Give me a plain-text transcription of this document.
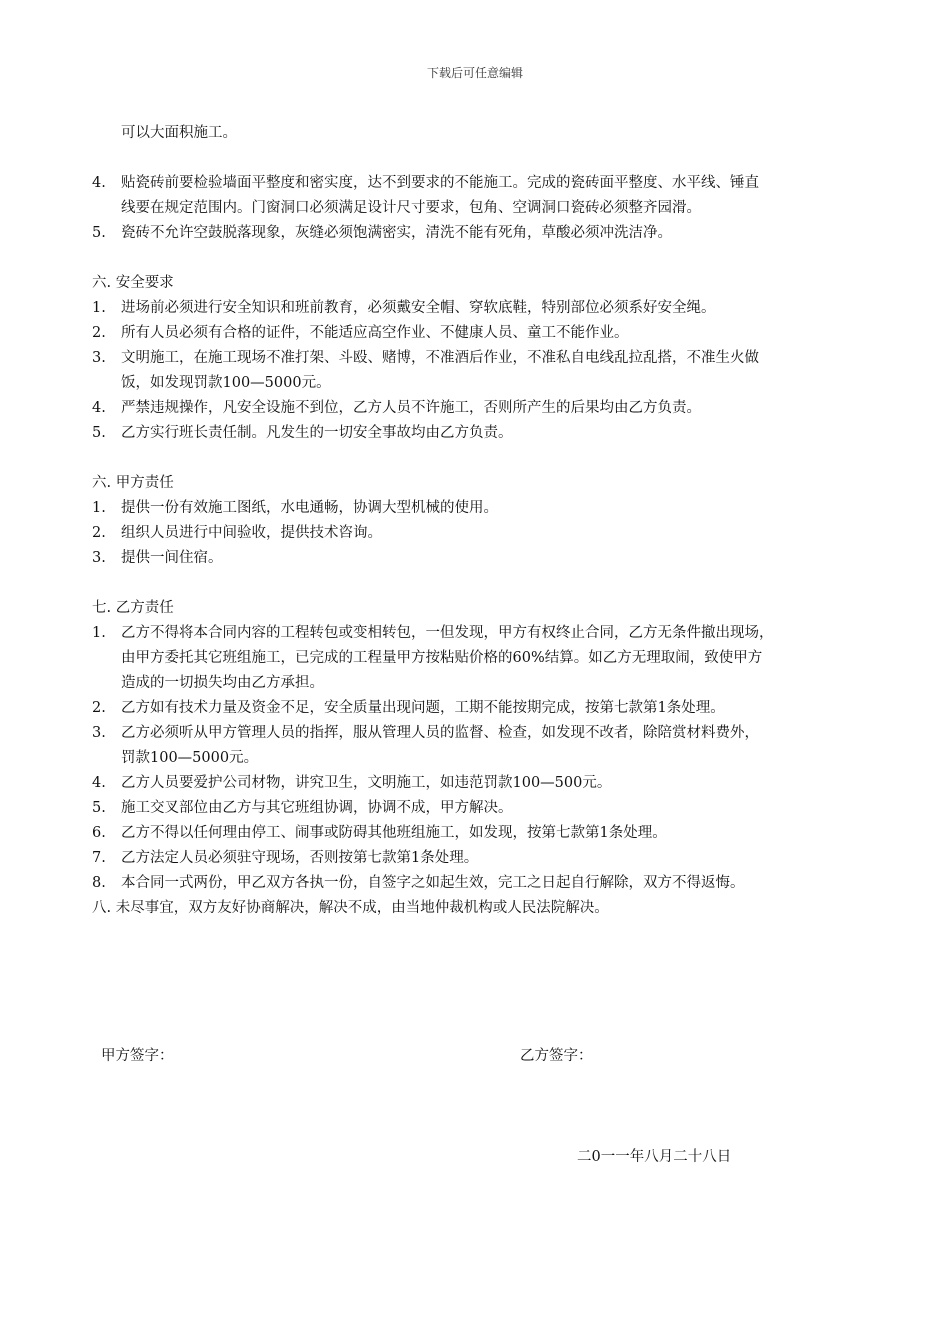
下载后可任意编辑
可以大面积施工。
4.	贴瓷砖前要检验墙面平整度和密实度，达不到要求的不能施工。完成的瓷砖面平整度、水平线、锤直
线要在规定范围内。门窗洞口必须满足设计尺寸要求，包角、空调洞口瓷砖必须整齐园滑。
5.	瓷砖不允许空鼓脱落现象，灰缝必须饱满密实，清洗不能有死角，草酸必须冲洗洁净。
六. 安全要求
1.	进场前必须进行安全知识和班前教育，必须戴安全帽、穿软底鞋，特别部位必须系好安全绳。
2.	所有人员必须有合格的证件，不能适应高空作业、不健康人员、童工不能作业。
3.	文明施工，在施工现场不准打架、斗殴、赌博，不准酒后作业，不准私自电线乱拉乱搭，不准生火做
饭，如发现罚款100—5000元。
4.	严禁违规操作，凡安全设施不到位，乙方人员不许施工，否则所产生的后果均由乙方负责。
5.	乙方实行班长责任制。凡发生的一切安全事故均由乙方负责。
六. 甲方责任
1.	提供一份有效施工图纸，水电通畅，协调大型机械的使用。
2.	组织人员进行中间验收，提供技术咨询。
3.	提供一间住宿。
七. 乙方责任
1.	乙方不得将本合同内容的工程转包或变相转包，一但发现，甲方有权终止合同，乙方无条件撤出现场，
由甲方委托其它班组施工，已完成的工程量甲方按粘贴价格的60%结算。如乙方无理取闹，致使甲方
造成的一切损失均由乙方承担。
2.	乙方如有技术力量及资金不足，安全质量出现问题，工期不能按期完成，按第七款第1条处理。
3.	乙方必须听从甲方管理人员的指挥，服从管理人员的监督、检查，如发现不改者，除陪赏材料费外，
罚款100—5000元。
4.	乙方人员要爱护公司材物，讲究卫生，文明施工，如违范罚款100—500元。
5.	施工交叉部位由乙方与其它班组协调，协调不成，甲方解决。
6.	乙方不得以任何理由停工、闹事或防碍其他班组施工，如发现，按第七款第1条处理。
7.	乙方法定人员必须驻守现场，否则按第七款第1条处理。
8.	本合同一式两份，甲乙双方各执一份，自签字之如起生效，完工之日起自行解除，双方不得返悔。
八. 未尽事宜，双方友好协商解决，解决不成，由当地仲裁机构或人民法院解决。
甲方签字：	乙方签字：
二0一一年八月二十八日
